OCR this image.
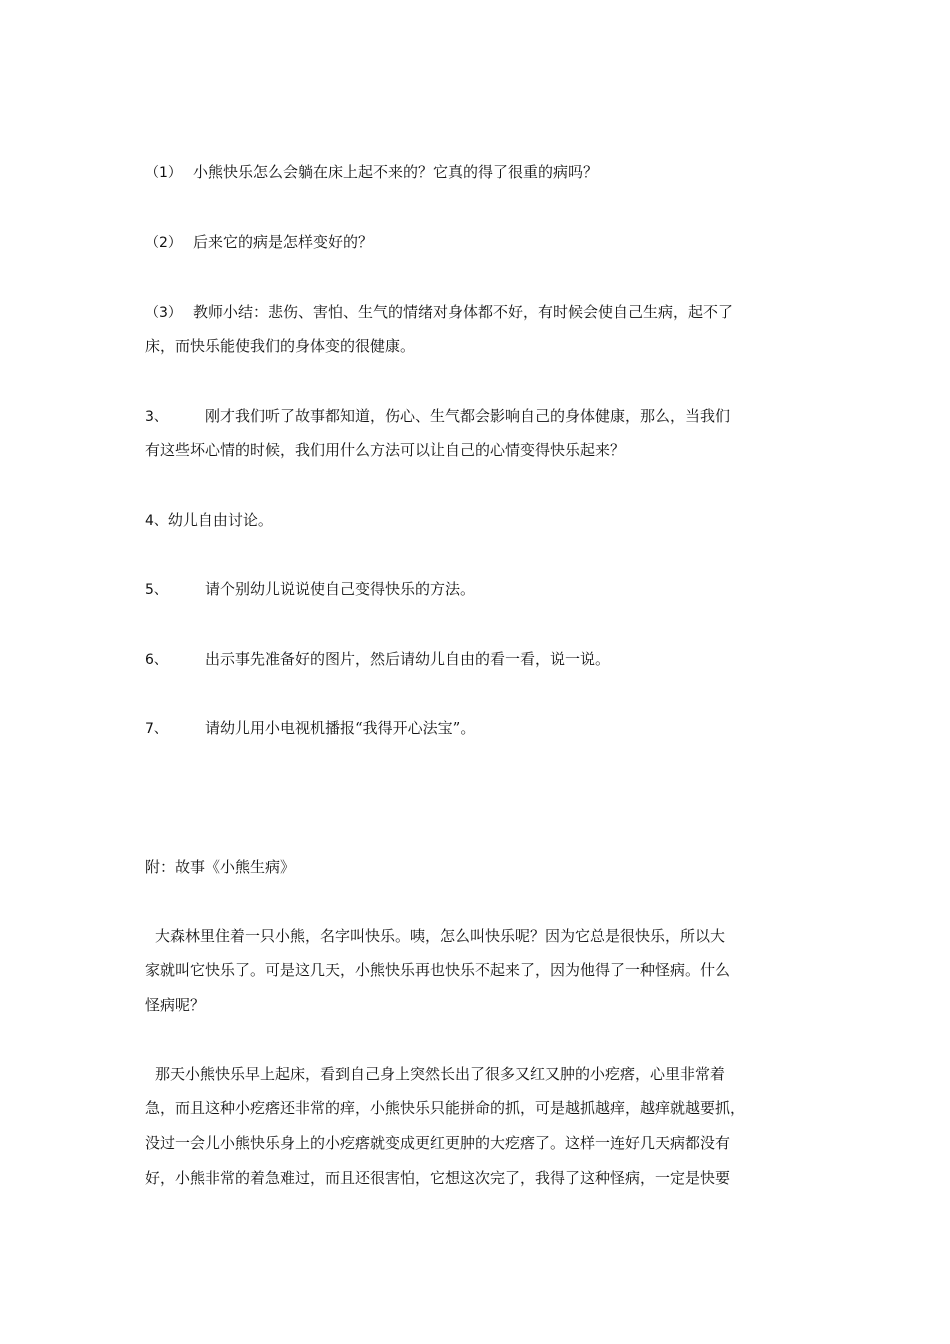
（1） 小熊快乐怎么会躺在床上起不来的？它真的得了很重的病吗？
（2） 后来它的病是怎样变好的？
（3） 教师小结：悲伤、害怕、生气的情绪对身体都不好，有时候会使自己生病，起不了
床，而快乐能使我们的身体变的很健康。
3、 刚才我们听了故事都知道，伤心、生气都会影响自己的身体健康，那么，当我们
有这些坏心情的时候，我们用什么方法可以让自己的心情变得快乐起来？
4、幼儿自由讨论。
5、 请个别幼儿说说使自己变得快乐的方法。
6、 出示事先准备好的图片，然后请幼儿自由的看一看，说一说。
7、 请幼儿用小电视机播报“我得开心法宝”。
附：故事《小熊生病》
大森林里住着一只小熊，名字叫快乐。咦，怎么叫快乐呢？因为它总是很快乐，所以大
家就叫它快乐了。可是这几天，小熊快乐再也快乐不起来了，因为他得了一种怪病。什么
怪病呢？
那天小熊快乐早上起床，看到自己身上突然长出了很多又红又肿的小疙瘩，心里非常着
急，而且这种小疙瘩还非常的痒，小熊快乐只能拼命的抓，可是越抓越痒，越痒就越要抓，
没过一会儿小熊快乐身上的小疙瘩就变成更红更肿的大疙瘩了。这样一连好几天病都没有
好，小熊非常的着急难过，而且还很害怕，它想这次完了，我得了这种怪病，一定是快要
